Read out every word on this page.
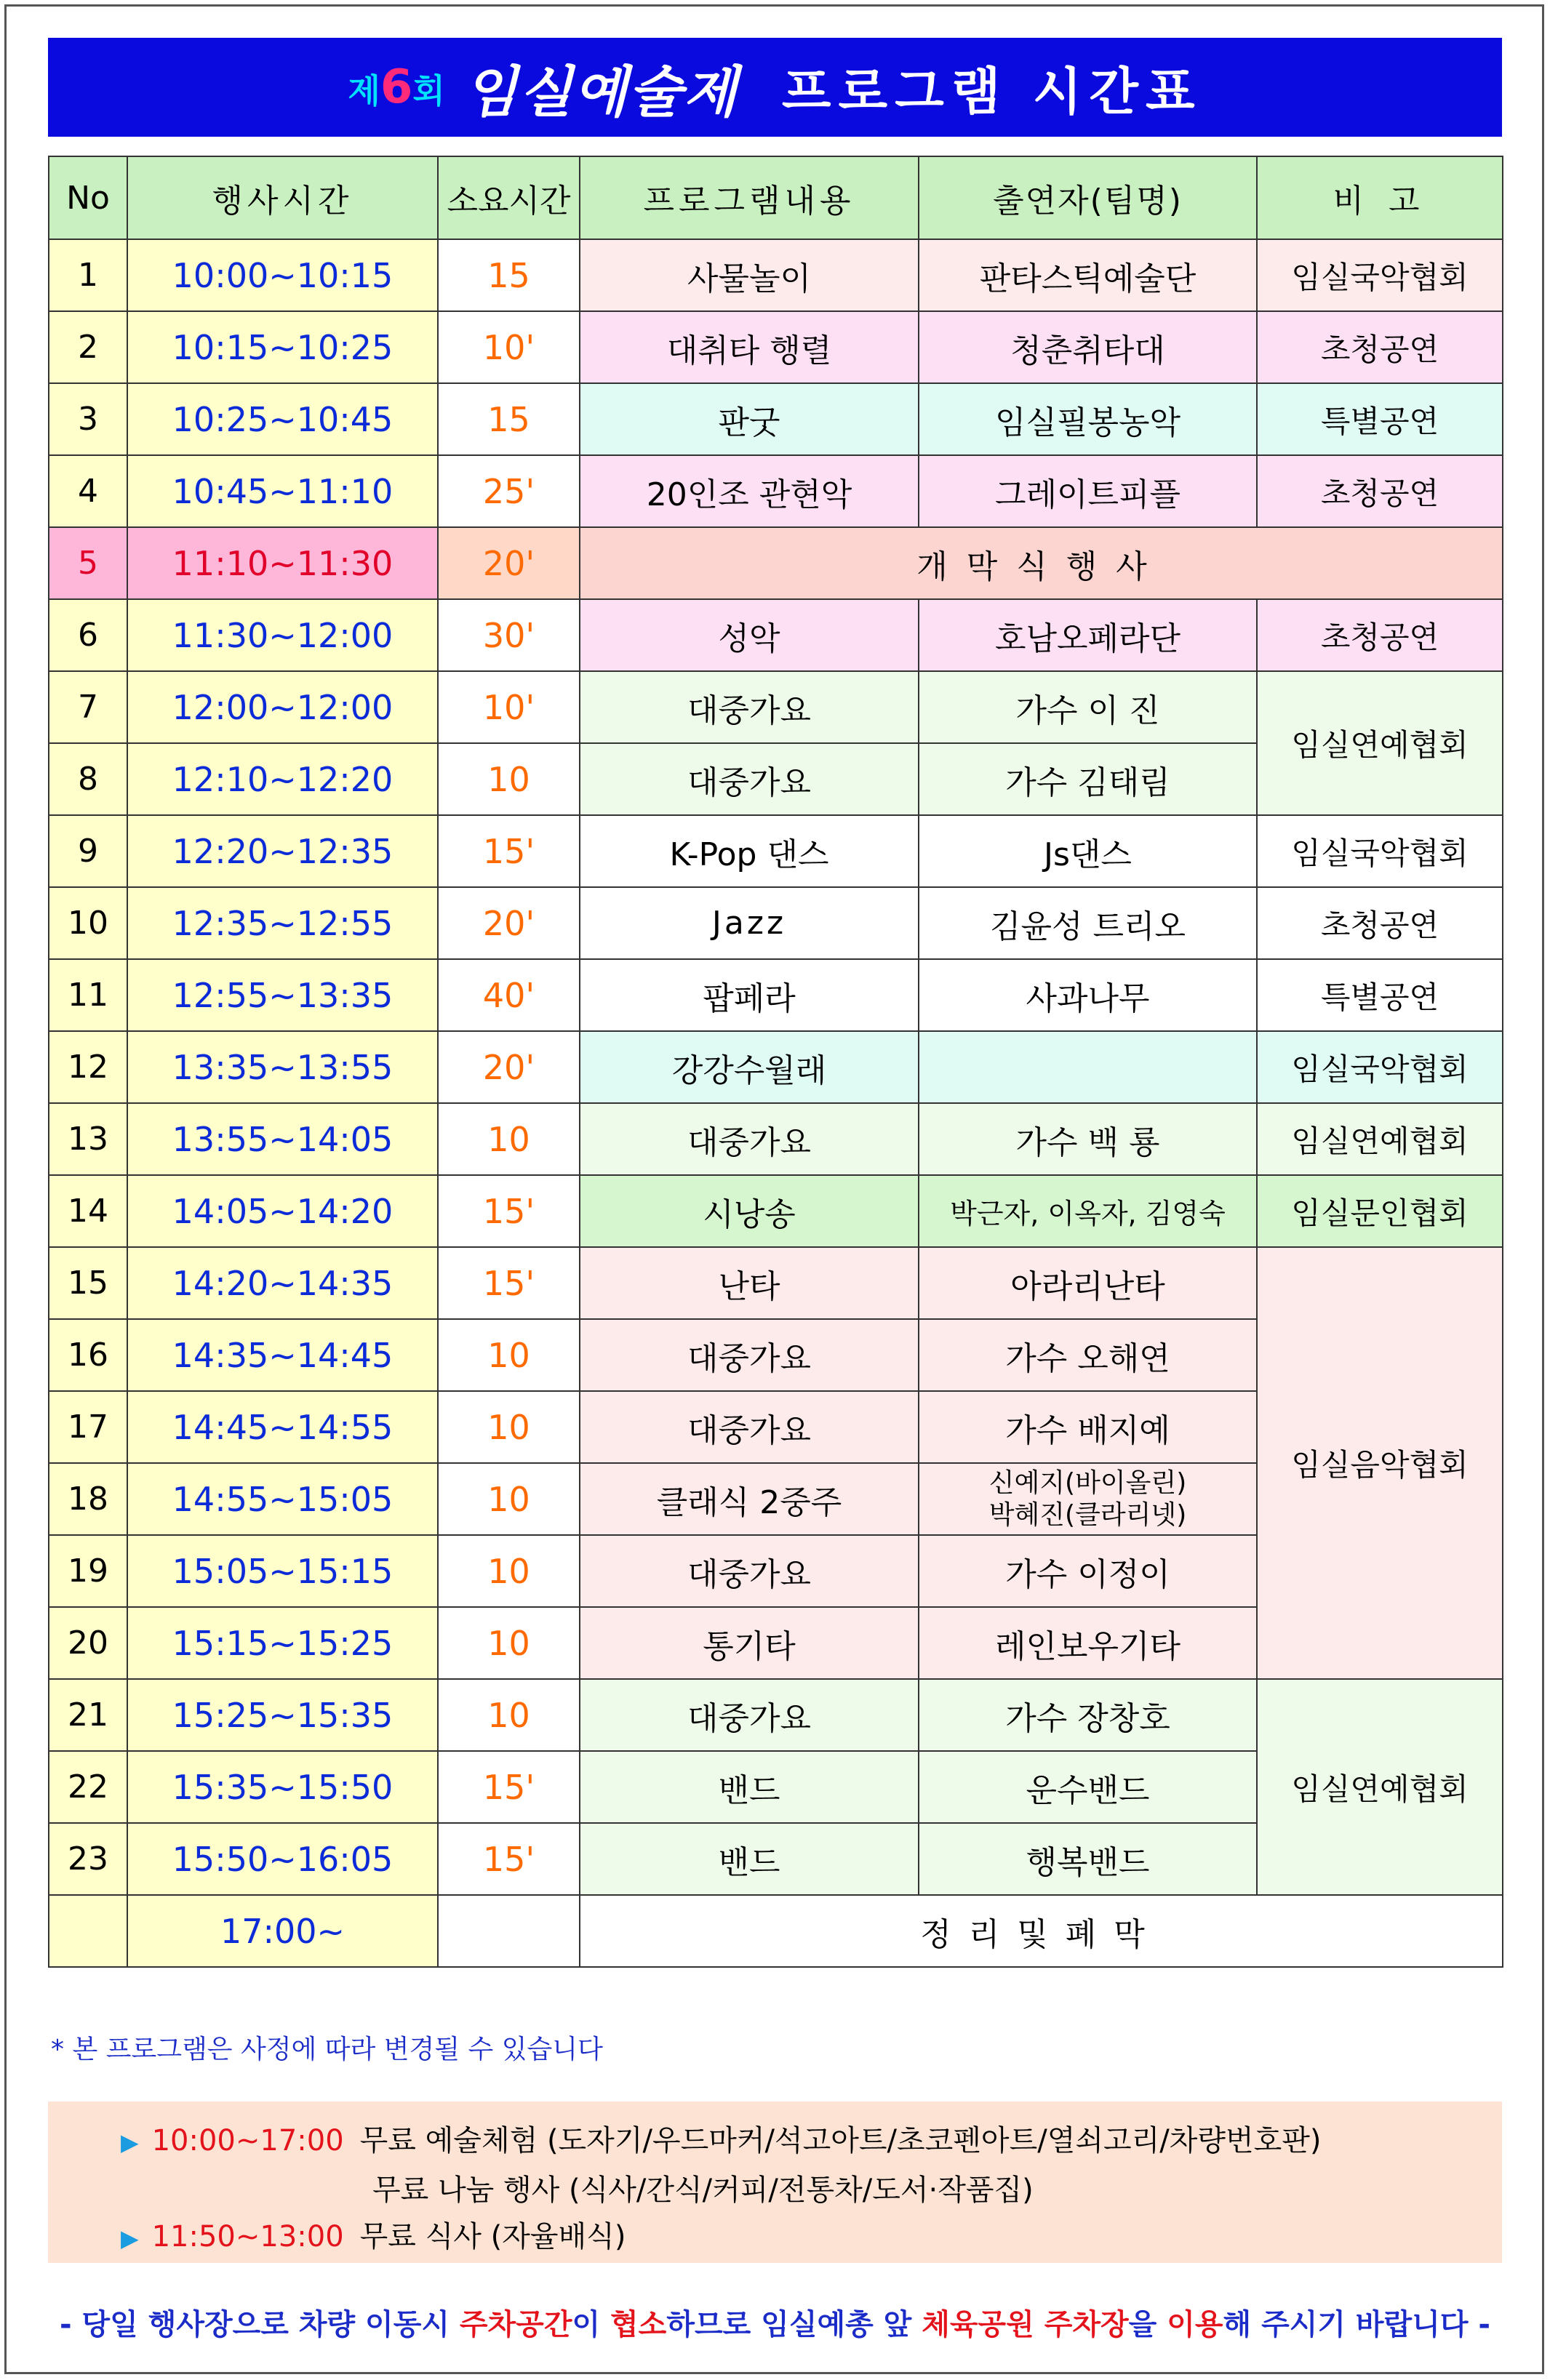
제6회 임실예술제 프로그램 시간표
No	행사시간	소요시간	프로그램내용	출연자(팀명)	비 고
1	10:00~10:15	15	사물놀이	판타스틱예술단	임실국악협회
2	10:15~10:25	10'	대취타 행렬	청춘취타대	초청공연
3	10:25~10:45	15	판굿	임실필봉농악	특별공연
4	10:45~11:10	25'	20인조 관현악	그레이트피플	초청공연
5	11:10~11:30	20'	개막식행사		
6	11:30~12:00	30'	성악	호남오페라단	초청공연
7	12:00~12:00	10'	대중가요	가수 이 진	임실연예협회
8	12:10~12:20	10	대중가요	가수 김태림	
9	12:20~12:35	15'	K-Pop 댄스	Js댄스	임실국악협회
10	12:35~12:55	20'	Jazz	김윤성 트리오	초청공연
11	12:55~13:35	40'	팝페라	사과나무	특별공연
12	13:35~13:55	20'	강강수월래		임실국악협회
13	13:55~14:05	10	대중가요	가수 백 룡	임실연예협회
14	14:05~14:20	15'	시낭송	박근자, 이옥자, 김영숙	임실문인협회
15	14:20~14:35	15'	난타	아라리난타	임실음악협회
16	14:35~14:45	10	대중가요	가수 오해연	
17	14:45~14:55	10	대중가요	가수 배지예	
18	14:55~15:05	10	클래식 2중주	신예지(바이올린)
박혜진(클라리넷)	

19	15:05~15:15	10	대중가요	가수 이정이	
20	15:15~15:25	10	통기타	레인보우기타	
21	15:25~15:35	10	대중가요	가수 장창호	임실연예협회
22	15:35~15:50	15'	밴드	운수밴드	
23	15:50~16:05	15'	밴드	행복밴드	
	17:00~		정리및폐막		
* 본 프로그램은 사정에 따라 변경될 수 있습니다
▶ 10:00~17:00 무료 예술체험 (도자기/우드마커/석고아트/초코펜아트/열쇠고리/차량번호판)
무료 나눔 행사 (식사/간식/커피/전통차/도서·작품집)
▶ 11:50~13:00 무료 식사 (자율배식)
- 당일 행사장으로 차량 이동시 주차공간이 협소하므로 임실예총 앞 체육공원 주차장을 이용해 주시기 바랍니다 -
